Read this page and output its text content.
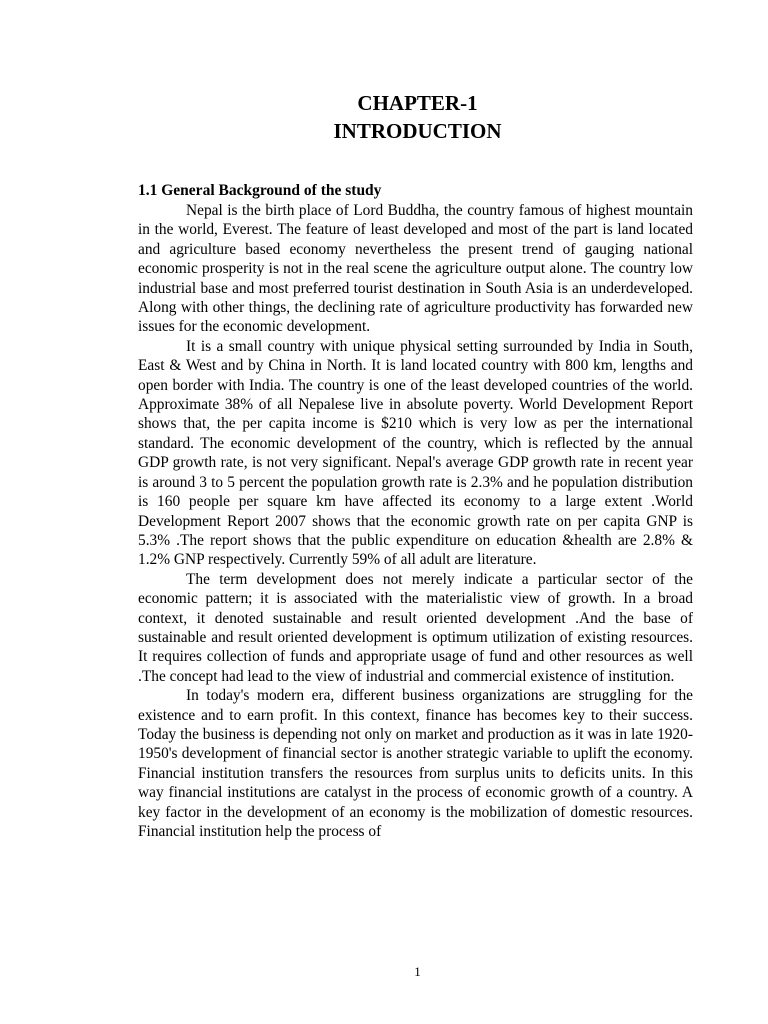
CHAPTER-1
INTRODUCTION
1.1 General Background of the study

Nepal is the birth place of Lord Buddha, the country famous of highest mountain in the world, Everest. The feature of least developed and most of the part is land located and agriculture based economy nevertheless the present trend of gauging national economic prosperity is not in the real scene the agriculture output alone. The country low industrial base and most preferred tourist destination in South Asia is an underdeveloped. Along with other things, the declining rate of agriculture productivity has forwarded new issues for the economic development.

It is a small country with unique physical setting surrounded by India in South, East & West and by China in North. It is land located country with 800 km, lengths and open border with India. The country is one of the least developed countries of the world. Approximate 38% of all Nepalese live in absolute poverty. World Development Report shows that, the per capita income is $210 which is very low as per the international standard. The economic development of the country, which is reflected by the annual GDP growth rate, is not very significant. Nepal's average GDP growth rate in recent year is around 3 to 5 percent the population growth rate is 2.3% and he population distribution is 160 people per square km have affected its economy to a large extent .World Development Report 2007 shows that the economic growth rate on per capita GNP is 5.3% .The report shows that the public expenditure on education &health are 2.8% & 1.2% GNP respectively. Currently 59% of all adult are literature.

The term development does not merely indicate a particular sector of the economic pattern; it is associated with the materialistic view of growth. In a broad context, it denoted sustainable and result oriented development .And the base of sustainable and result oriented development is optimum utilization of existing resources. It requires collection of funds and appropriate usage of fund and other resources as well .The concept had lead to the view of industrial and commercial existence of institution.

In today's modern era, different business organizations are struggling for the existence and to earn profit. In this context, finance has becomes key to their success. Today the business is depending not only on market and production as it was in late 1920-1950's development of financial sector is another strategic variable to uplift the economy. Financial institution transfers the resources from surplus units to deficits units. In this way financial institutions are catalyst in the process of economic growth of a country. A key factor in the development of an economy is the mobilization of domestic resources. Financial institution help the process of

1
